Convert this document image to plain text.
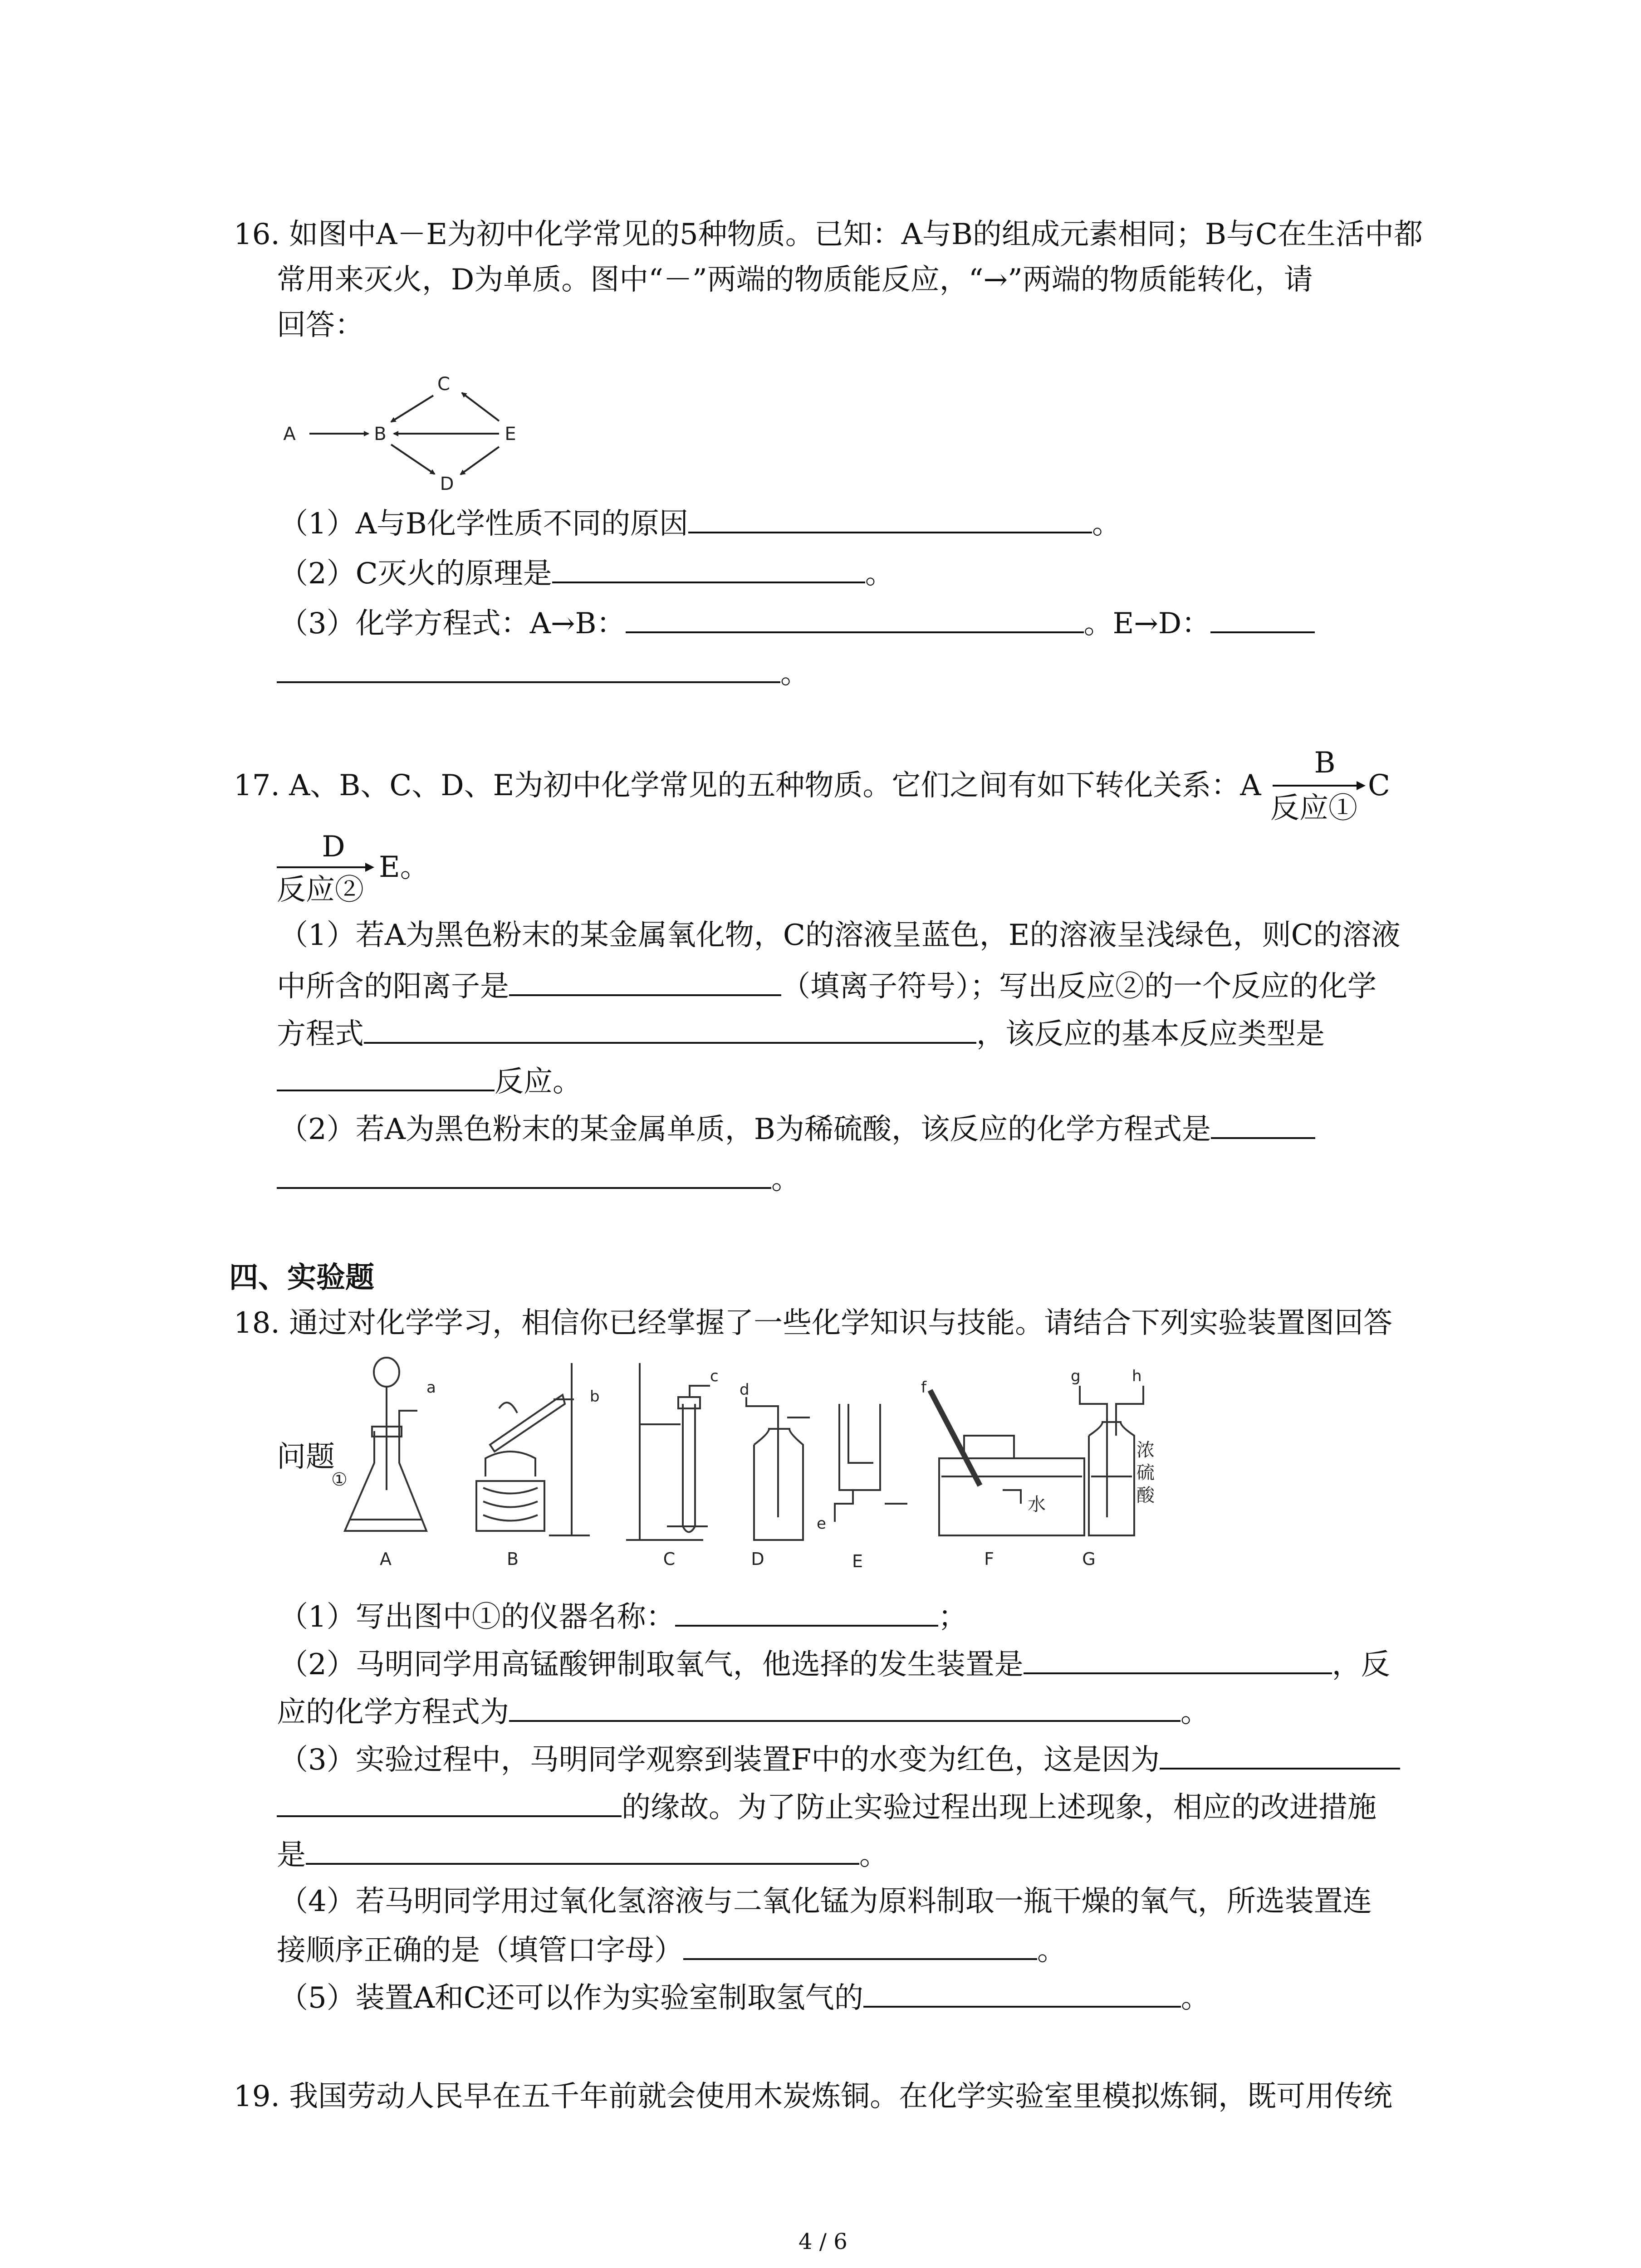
16. 如图中A－E为初中化学常见的5种物质。已知：A与B的组成元素相同；B与C在生活中都
常用来灭火，D为单质。图中“－”两端的物质能反应，“→”两端的物质能转化，请
回答：
C
A	B	E
D
（1）A与B化学性质不同的原因	。
（2）C灭火的原理是	。
（3）化学方程式：A→B：	。E→D：
。
17. A、B、C、D、E为初中化学常见的五种物质。它们之间有如下转化关系：A
B
反应①
C
D
反应②
E。
（1）若A为黑色粉末的某金属氧化物，C的溶液呈蓝色，E的溶液呈浅绿色，则C的溶液
中所含的阳离子是	（填离子符号）；写出反应②的一个反应的化学
方程式	，该反应的基本反应类型是
反应。
（2）若A为黑色粉末的某金属单质，B为稀硫酸，该反应的化学方程式是
。
四、实验题
18. 通过对化学学习，相信你已经掌握了一些化学知识与技能。请结合下列实验装置图回答
问题
①
a	b
c
d
e
f
g	h
水
浓
硫
酸
A	B	C	D	E	F	G
（1）写出图中①的仪器名称：	；
（2）马明同学用高锰酸钾制取氧气，他选择的发生装置是	，反
应的化学方程式为	。
（3）实验过程中，马明同学观察到装置F中的水变为红色，这是因为
的缘故。为了防止实验过程出现上述现象，相应的改进措施
是	。
（4）若马明同学用过氧化氢溶液与二氧化锰为原料制取一瓶干燥的氧气，所选装置连
接顺序正确的是（填管口字母）	。
（5）装置A和C还可以作为实验室制取氢气的	。
19. 我国劳动人民早在五千年前就会使用木炭炼铜。在化学实验室里模拟炼铜，既可用传统
4 / 6
